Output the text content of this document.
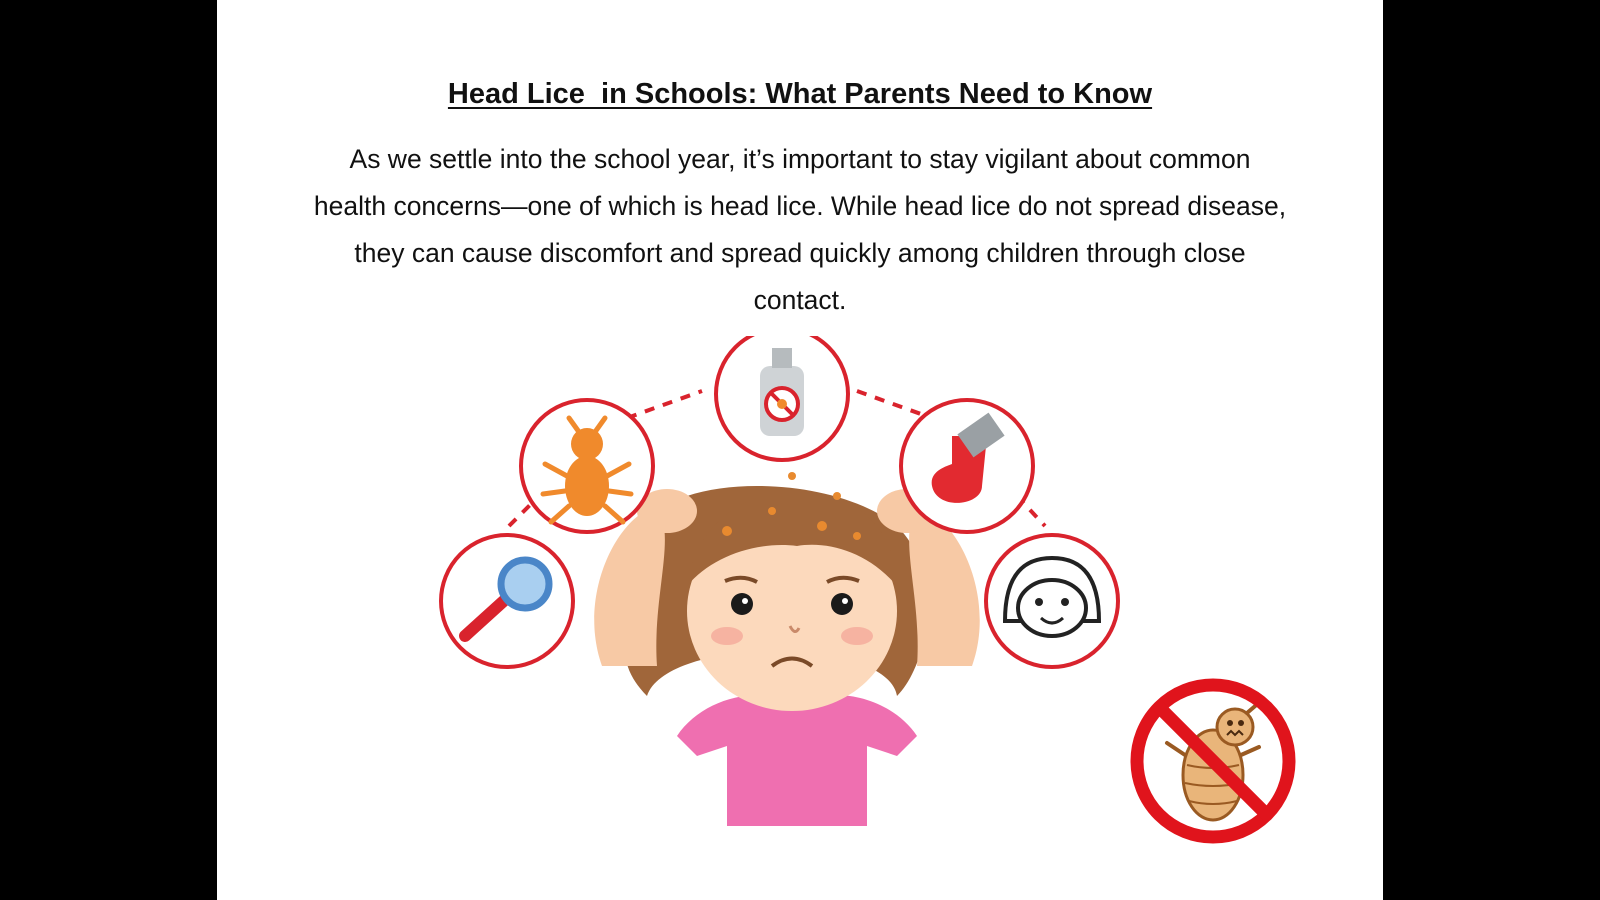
Head Lice  in Schools: What Parents Need to Know

As we settle into the school year, it’s important to stay vigilant about common health concerns—one of which is head lice. While head lice do not spread disease, they can cause discomfort and spread quickly among children through close contact.
